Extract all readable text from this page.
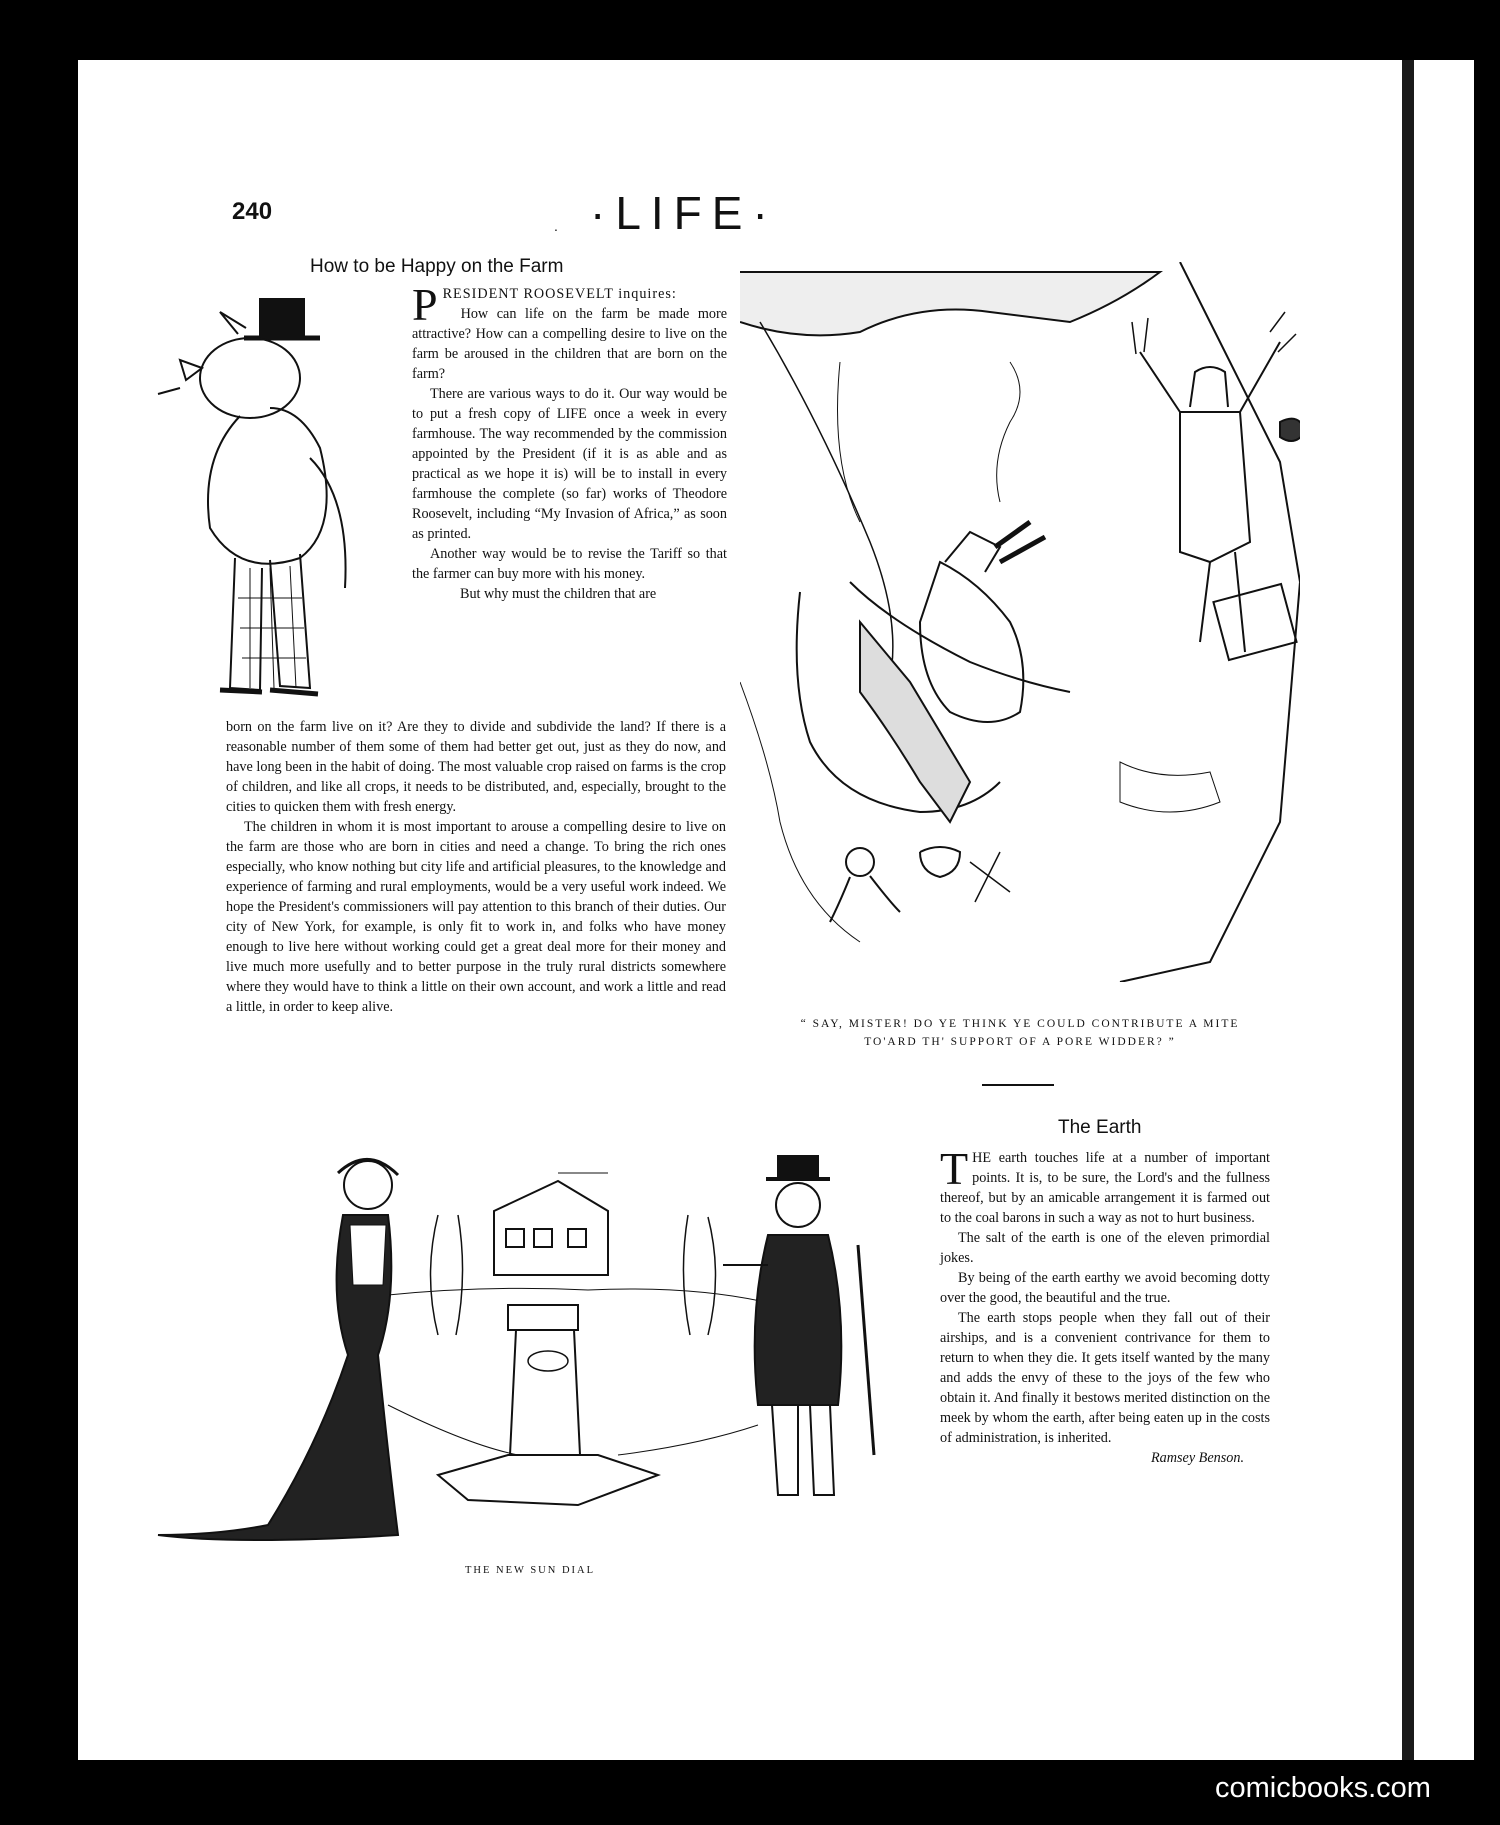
240
. ·LIFE·
How to be Happy on the Farm

PRESIDENT ROOSEVELT inquires:

How can life on the farm be made more attractive? How can a compelling desire to live on the farm be aroused in the children that are born on the farm?

There are various ways to do it. Our way would be to put a fresh copy of LIFE once a week in every farmhouse. The way recommended by the commission appointed by the President (if it is as able and as practical as we hope it is) will be to install in every farmhouse the complete (so far) works of Theodore Roosevelt, including “My Invasion of Africa,” as soon as printed.

Another way would be to revise the Tariff so that the farmer can buy more with his money.

But why must the children that are

born on the farm live on it? Are they to divide and subdivide the land? If there is a reasonable number of them some of them had better get out, just as they do now, and have long been in the habit of doing. The most valuable crop raised on farms is the crop of children, and like all crops, it needs to be distributed, and, especially, brought to the cities to quicken them with fresh energy.

The children in whom it is most important to arouse a compelling desire to live on the farm are those who are born in cities and need a change. To bring the rich ones especially, who know nothing but city life and artificial pleasures, to the knowledge and experience of farming and rural employments, would be a very useful work indeed. We hope the President's commissioners will pay attention to this branch of their duties. Our city of New York, for example, is only fit to work in, and folks who have money enough to live here without working could get a great deal more for their money and live much more usefully and to better purpose in the truly rural districts somewhere where they would have to think a little on their own account, and work a little and read a little, in order to keep alive.

“ SAY, MISTER! DO YE THINK YE COULD CONTRIBUTE A MITE
TO'ARD TH' SUPPORT OF A PORE WIDDER? ”
THE NEW SUN DIAL
The Earth

THE earth touches life at a number of important points. It is, to be sure, the Lord's and the fullness thereof, but by an amicable arrangement it is farmed out to the coal barons in such a way as not to hurt business.

The salt of the earth is one of the eleven primordial jokes.

By being of the earth earthy we avoid becoming dotty over the good, the beautiful and the true.

The earth stops people when they fall out of their airships, and is a convenient contrivance for them to return to when they die. It gets itself wanted by the many and adds the envy of these to the joys of the few who obtain it. And finally it bestows merited distinction on the meek by whom the earth, after being eaten up in the costs of administration, is inherited.

Ramsey Benson.

comicbooks.com
